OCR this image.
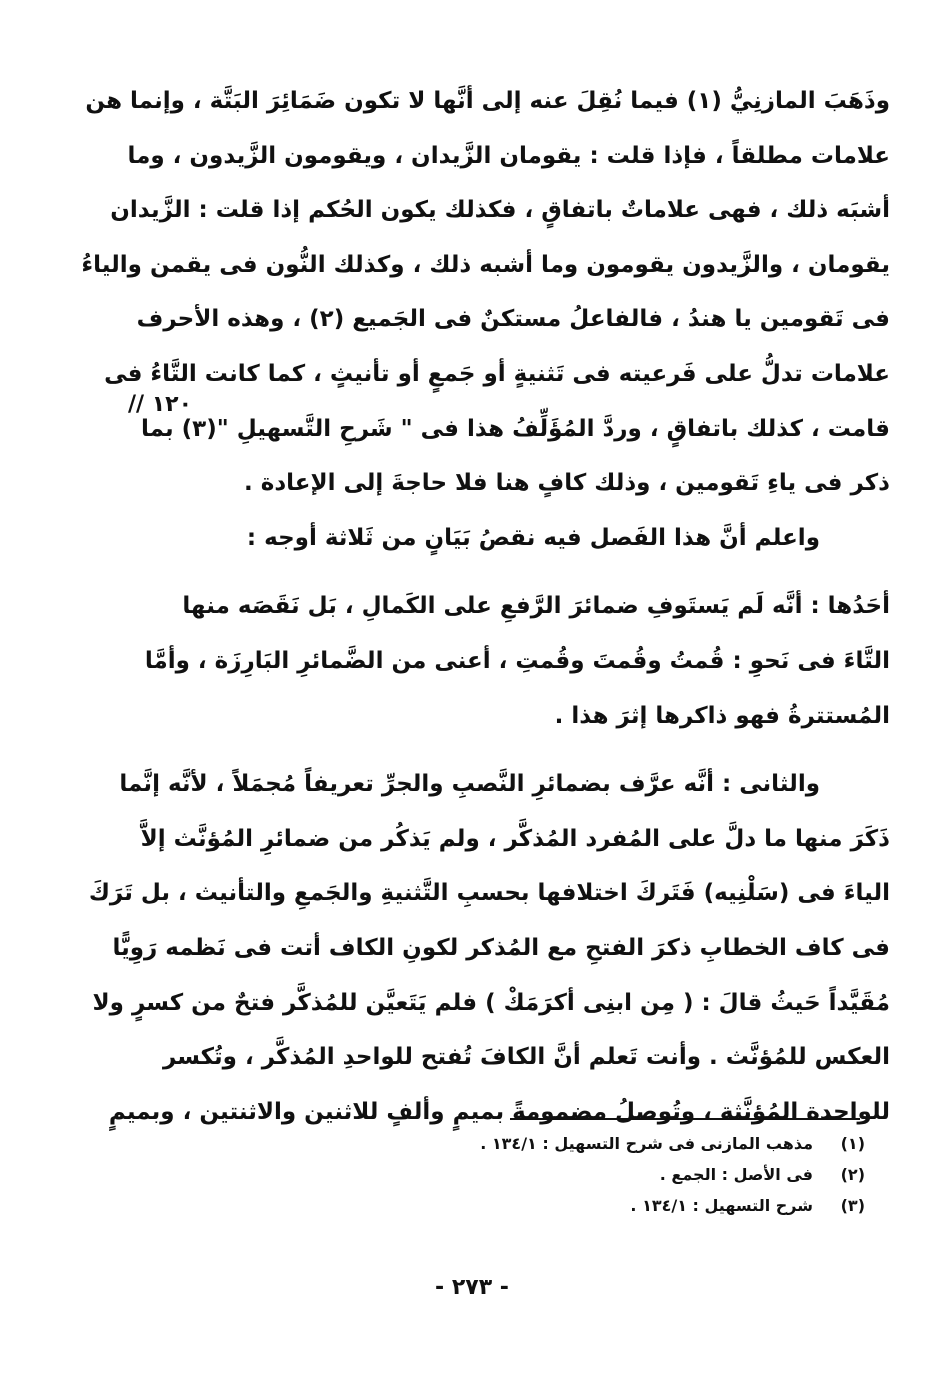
وذَهَبَ المازنِيُّ (١) فيما نُقِلَ عنه إلى أنَّها لا تكون ضَمَائِرَ البَتَّة ، وإنما هن
علامات مطلقاً ، فإذا قلت : يقومان الزَّيدان ، ويقومون الزَّيدون ، وما
أشبَه ذلك ، فهى علاماتٌ باتفاقٍ ، فكذلك يكون الحُكم إذا قلت : الزَّيدان
يقومان ، والزَّيدون يقومون وما أشبه ذلك ، وكذلك النُّون فى يقمن والياءُ
فى تَقومين يا هندُ ، فالفاعلُ مستكنٌ فى الجَميع (٢) ، وهذه الأحرف
علامات تدلُّ على فَرعيته فى تَثنيةٍ أو جَمعٍ أو تأنيثٍ ، كما كانت التَّاءُ فى
قامت ، كذلك باتفاقٍ ، وردَّ المُؤَلِّفُ هذا فى " شَرحِ التَّسهيلِ "(٣) بما
ذكر فى ياءِ تَقومين ، وذلك كافٍ هنا فلا حاجةَ إلى الإعادة .
واعلم أنَّ هذا الفَصل فيه نقصُ بَيَانٍ من ثَلاثة أوجه :
أحَدُها : أنَّه لَم يَستَوفِ ضمائرَ الرَّفعِ على الكَمالِ ، بَل نَقَصَه منها
التَّاءَ فى نَحوِ : قُمتُ وقُمتَ وقُمتِ ، أعنى من الضَّمائرِ البَارِزَة ، وأمَّا
المُستترةُ فهو ذاكرها إثرَ هذا .
والثانى : أنَّه عرَّف بضمائرِ النَّصبِ والجرِّ تعريفاً مُجمَلاً ، لأنَّه إنَّما
ذَكَرَ منها ما دلَّ على المُفرد المُذكَّر ، ولم يَذكُر من ضمائرِ المُؤنَّث إلاَّ
الياءَ فى (سَلْنِيه) فَتَركَ اختلافها بحسبِ التَّثنيةِ والجَمعِ والتأنيث ، بل تَرَكَ
فى كاف الخطابِ ذكرَ الفتحِ مع المُذكر لكونِ الكاف أتت فى نَظمه رَوِيًّا
مُقَيَّداً حَيثُ قالَ : ( مِن ابنِى أكرَمَكْ ) فلم يَتَعيَّن للمُذكَّر فتحٌ من كسرٍ ولا
العكس للمُؤنَّث . وأنت تَعلم أنَّ الكافَ تُفتح للواحدِ المُذكَّر ، وتُكسر
للواحدة المُؤنَّثة ، وتُوصلُ مضمومةً بميمٍ وألفٍ للاثنين والاثنتين ، وبميمٍ
١٢٠ //
(١)مذهب المازنى فى شرح التسهيل : ١٣٤/١ .
(٢)فى الأصل : الجمع .
(٣)شرح التسهيل : ١٣٤/١ .
- ٢٧٣ -
